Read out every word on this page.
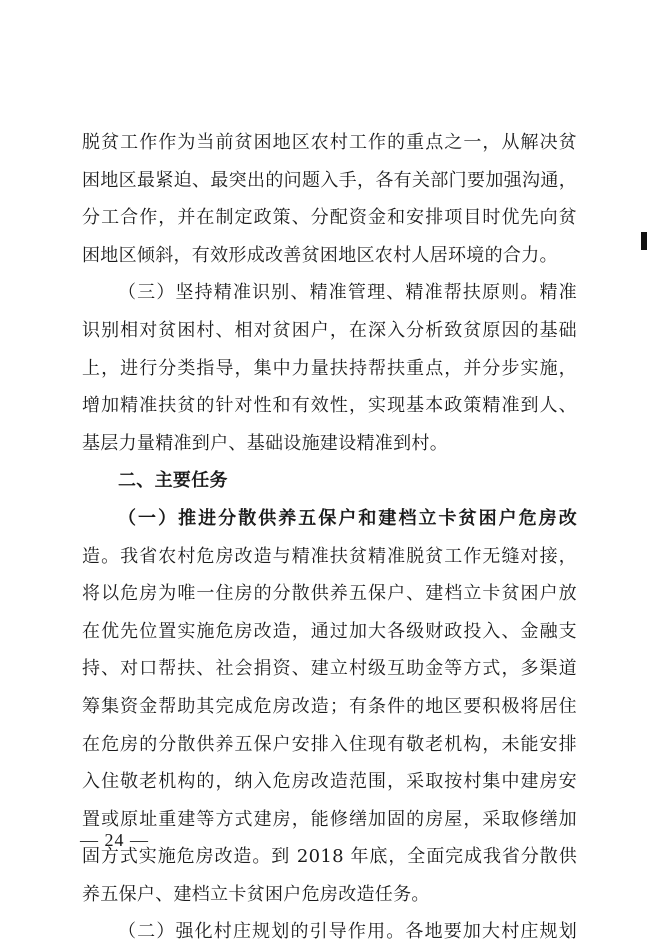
脱贫工作作为当前贫困地区农村工作的重点之一，从解决贫
困地区最紧迫、最突出的问题入手，各有关部门要加强沟通，
分工合作，并在制定政策、分配资金和安排项目时优先向贫
困地区倾斜，有效形成改善贫困地区农村人居环境的合力。
（三）坚持精准识别、精准管理、精准帮扶原则。精准
识别相对贫困村、相对贫困户，在深入分析致贫原因的基础
上，进行分类指导，集中力量扶持帮扶重点，并分步实施，
增加精准扶贫的针对性和有效性，实现基本政策精准到人、
基层力量精准到户、基础设施建设精准到村。
二、主要任务
（一）推进分散供养五保户和建档立卡贫困户危房改
造。我省农村危房改造与精准扶贫精准脱贫工作无缝对接，
将以危房为唯一住房的分散供养五保户、建档立卡贫困户放
在优先位置实施危房改造，通过加大各级财政投入、金融支
持、对口帮扶、社会捐资、建立村级互助金等方式，多渠道
筹集资金帮助其完成危房改造；有条件的地区要积极将居住
在危房的分散供养五保户安排入住现有敬老机构，未能安排
入住敬老机构的，纳入危房改造范围，采取按村集中建房安
置或原址重建等方式建房，能修缮加固的房屋，采取修缮加
固方式实施危房改造。到 2018 年底，全面完成我省分散供
养五保户、建档立卡贫困户危房改造任务。
（二）强化村庄规划的引导作用。各地要加大村庄规划
— 24 —
